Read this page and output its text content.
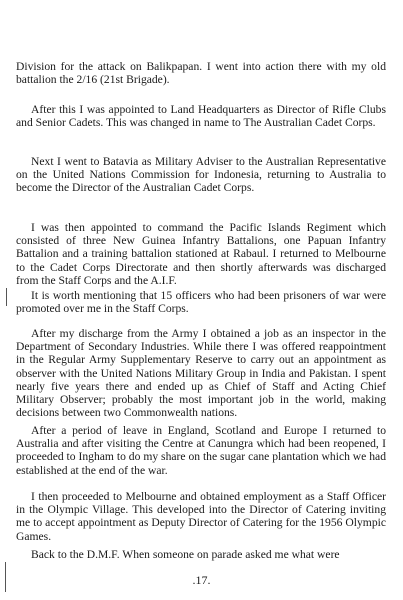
Division for the attack on Balikpapan. I went into action there with my old battalion the 2/16 (21st Brigade).

After this I was appointed to Land Headquarters as Director of Rifle Clubs and Senior Cadets. This was changed in name to The Australian Cadet Corps.

Next I went to Batavia as Military Adviser to the Australian Representative on the United Nations Commission for Indonesia, returning to Australia to become the Director of the Australian Cadet Corps.

I was then appointed to command the Pacific Islands Regiment which consisted of three New Guinea Infantry Battalions, one Papuan Infantry Battalion and a training battalion stationed at Rabaul. I returned to Melbourne to the Cadet Corps Directorate and then shortly afterwards was discharged from the Staff Corps and the A.I.F.

It is worth mentioning that 15 officers who had been prisoners of war were promoted over me in the Staff Corps.

After my discharge from the Army I obtained a job as an inspector in the Department of Secondary Industries. While there I was offered reappointment in the Regular Army Supplementary Reserve to carry out an appointment as observer with the United Nations Military Group in India and Pakistan. I spent nearly five years there and ended up as Chief of Staff and Acting Chief Military Observer; probably the most important job in the world, making decisions between two Commonwealth nations.

After a period of leave in England, Scotland and Europe I returned to Australia and after visiting the Centre at Canungra which had been reopened, I proceeded to Ingham to do my share on the sugar cane plantation which we had established at the end of the war.

I then proceeded to Melbourne and obtained employment as a Staff Officer in the Olympic Village. This developed into the Director of Catering inviting me to accept appointment as Deputy Director of Catering for the 1956 Olympic Games.

Back to the D.M.F. When someone on parade asked me what were

.17.
